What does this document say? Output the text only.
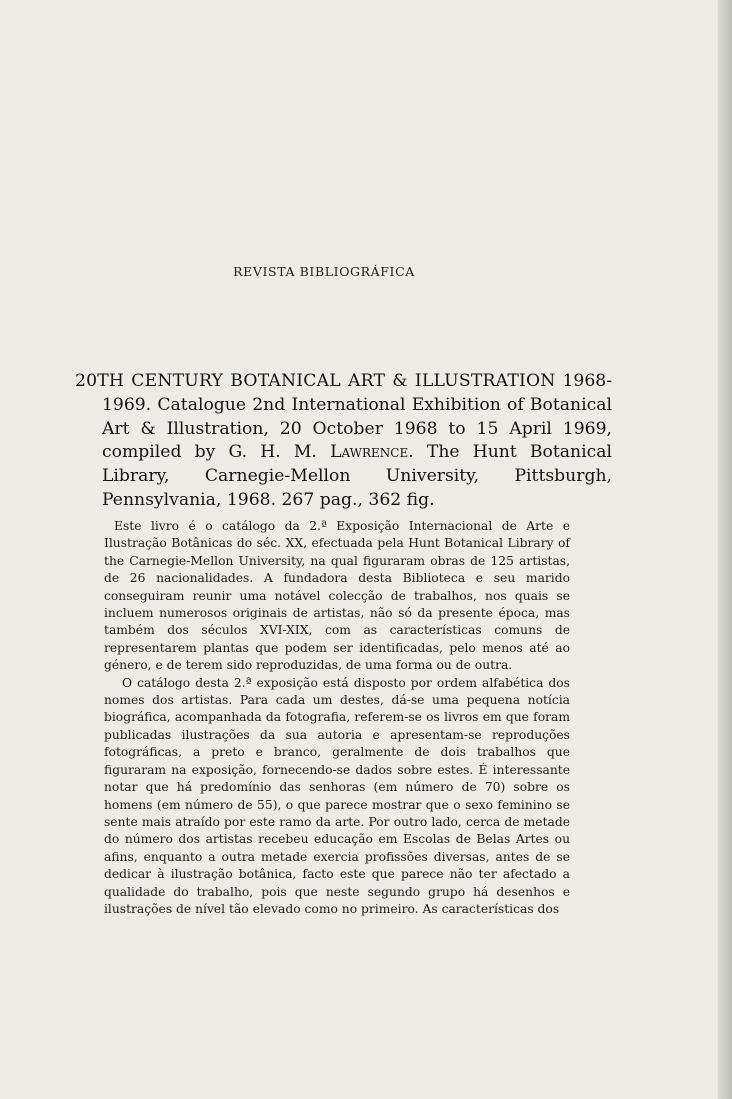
REVISTA BIBLIOGRÁFICA
20TH CENTURY BOTANICAL ART & ILLUSTRATION 1968-1969. Catalogue 2nd International Exhibition of Botanical Art & Illustration, 20 October 1968 to 15 April 1969, compiled by G. H. M. Lawrence. The Hunt Botanical Library, Carnegie-Mellon University, Pittsburgh, Pennsylvania, 1968. 267 pag., 362 fig.

Este livro é o catálogo da 2.ª Exposição Internacional de Arte e Ilustração Botânicas do séc. XX, efectuada pela Hunt Botanical Library of the Carnegie-Mellon University, na qual figuraram obras de 125 artistas, de 26 nacionalidades. A fundadora desta Biblioteca e seu marido conseguiram reunir uma notável colecção de trabalhos, nos quais se incluem numerosos originais de artistas, não só da presente época, mas também dos séculos XVI-XIX, com as características comuns de representarem plantas que podem ser identificadas, pelo menos até ao género, e de terem sido reproduzidas, de uma forma ou de outra.

O catálogo desta 2.ª exposição está disposto por ordem alfabética dos nomes dos artistas. Para cada um destes, dá-se uma pequena notícia biográfica, acompanhada da fotografia, referem-se os livros em que foram publicadas ilustrações da sua autoria e apresentam-se reproduções fotográficas, a preto e branco, geralmente de dois trabalhos que figuraram na exposição, fornecendo-se dados sobre estes. É interessante notar que há predomínio das senhoras (em número de 70) sobre os homens (em número de 55), o que parece mostrar que o sexo feminino se sente mais atraído por este ramo da arte. Por outro lado, cerca de metade do número dos artistas recebeu educação em Escolas de Belas Artes ou afins, enquanto a outra metade exercia profissões diversas, antes de se dedicar à ilustração botânica, facto este que parece não ter afectado a qualidade do trabalho, pois que neste segundo grupo há desenhos e ilustrações de nível tão elevado como no primeiro. As características dos
